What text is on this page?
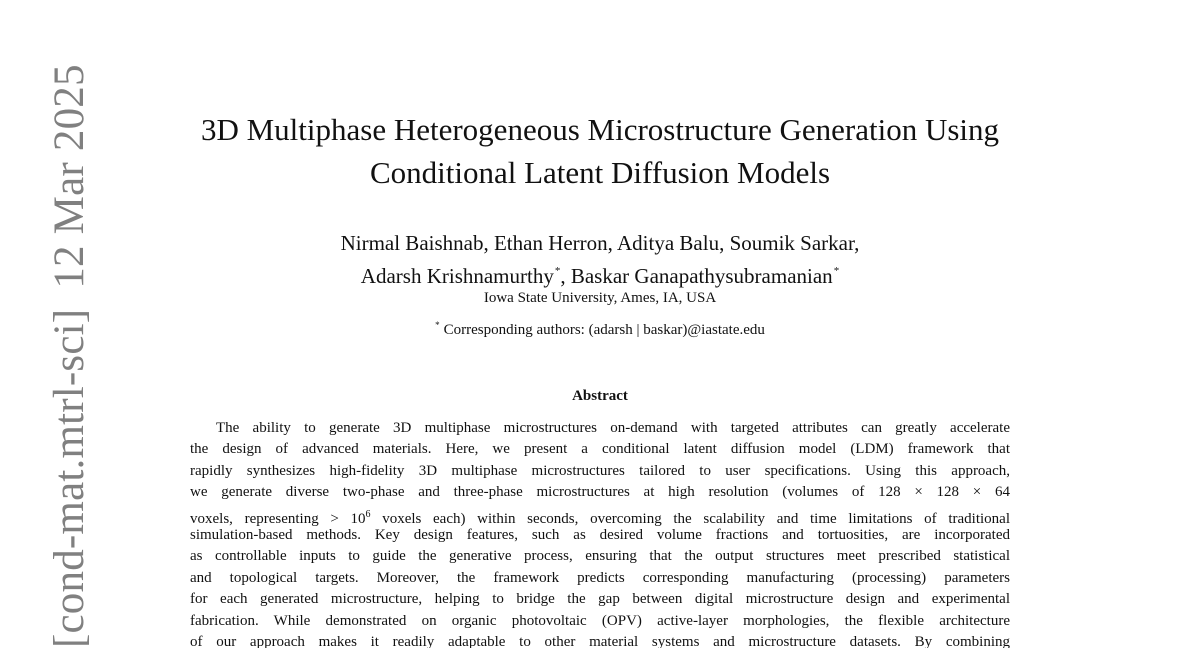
[cond-mat.mtrl-sci]12 Mar 2025	3D Multiphase Heterogeneous Microstructure Generation Using
Conditional Latent Diffusion Models
Nirmal Baishnab, Ethan Herron, Aditya Balu, Soumik Sarkar,
Adarsh Krishnamurthy*, Baskar Ganapathysubramanian*
Iowa State University, Ames, IA, USA
* Corresponding authors: (adarsh | baskar)@iastate.edu
Abstract
The ability to generate 3D multiphase microstructures on-demand with targeted attributes can greatly accelerate
the design of advanced materials. Here, we present a conditional latent diffusion model (LDM) framework that
rapidly synthesizes high-fidelity 3D multiphase microstructures tailored to user specifications. Using this approach,
we generate diverse two-phase and three-phase microstructures at high resolution (volumes of 128 × 128 × 64
voxels, representing > $10^6$ voxels each) within seconds, overcoming the scalability and time limitations of traditional
simulation-based methods. Key design features, such as desired volume fractions and tortuosities, are incorporated
as controllable inputs to guide the generative process, ensuring that the output structures meet prescribed statistical
and topological targets. Moreover, the framework predicts corresponding manufacturing (processing) parameters
for each generated microstructure, helping to bridge the gap between digital microstructure design and experimental
fabrication. While demonstrated on organic photovoltaic (OPV) active-layer morphologies, the flexible architecture
of our approach makes it readily adaptable to other material systems and microstructure datasets. By combining
